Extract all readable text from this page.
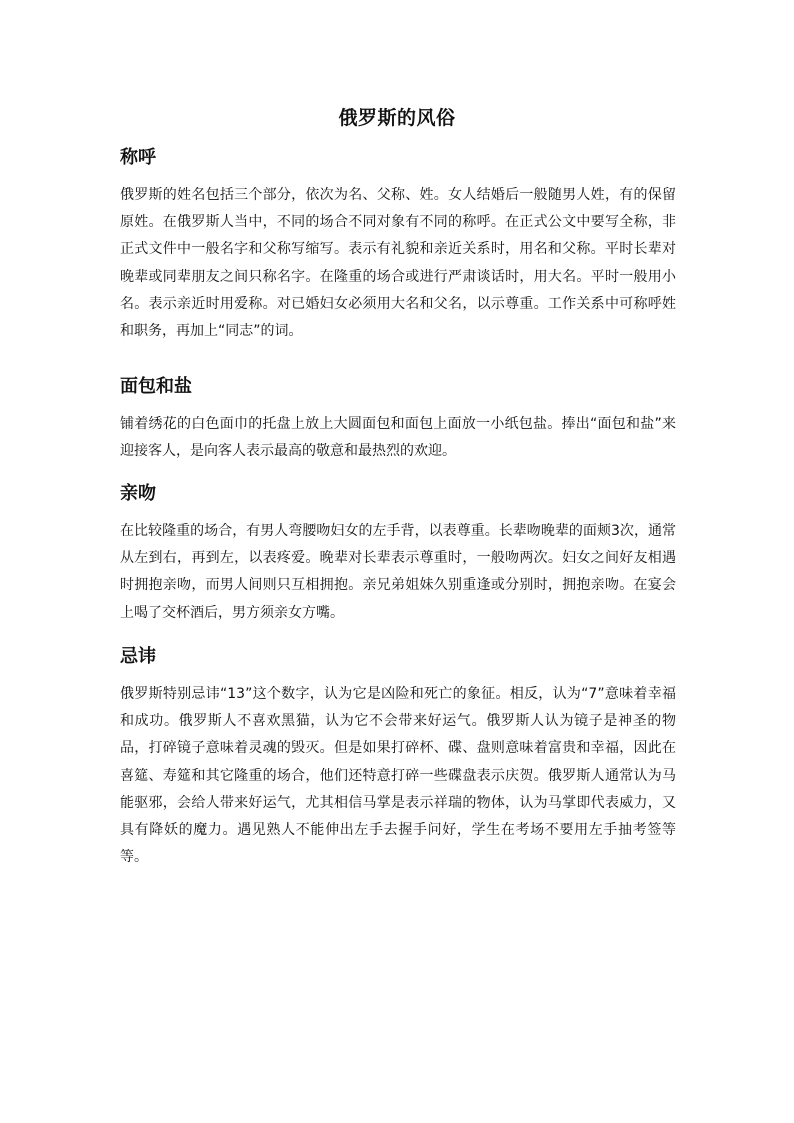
俄罗斯的风俗
称呼

俄罗斯的姓名包括三个部分，依次为名、父称、姓。女人结婚后一般随男人姓，有的保留原姓。在俄罗斯人当中，不同的场合不同对象有不同的称呼。在正式公文中要写全称，非正式文件中一般名字和父称写缩写。表示有礼貌和亲近关系时，用名和父称。平时长辈对晚辈或同辈朋友之间只称名字。在隆重的场合或进行严肃谈话时，用大名。平时一般用小名。表示亲近时用爱称。对已婚妇女必须用大名和父名，以示尊重。工作关系中可称呼姓和职务，再加上“同志”的词。

面包和盐

铺着绣花的白色面巾的托盘上放上大圆面包和面包上面放一小纸包盐。捧出“面包和盐”来迎接客人，是向客人表示最高的敬意和最热烈的欢迎。

亲吻

在比较隆重的场合，有男人弯腰吻妇女的左手背，以表尊重。长辈吻晚辈的面颊3次，通常从左到右，再到左，以表疼爱。晚辈对长辈表示尊重时，一般吻两次。妇女之间好友相遇时拥抱亲吻，而男人间则只互相拥抱。亲兄弟姐妹久别重逢或分别时，拥抱亲吻。在宴会上喝了交杯酒后，男方须亲女方嘴。

忌讳

俄罗斯特别忌讳“13”这个数字，认为它是凶险和死亡的象征。相反，认为“7”意味着幸福和成功。俄罗斯人不喜欢黑猫，认为它不会带来好运气。俄罗斯人认为镜子是神圣的物品，打碎镜子意味着灵魂的毁灭。但是如果打碎杯、碟、盘则意味着富贵和幸福，因此在喜筵、寿筵和其它隆重的场合，他们还特意打碎一些碟盘表示庆贺。俄罗斯人通常认为马能驱邪，会给人带来好运气，尤其相信马掌是表示祥瑞的物体，认为马掌即代表威力，又具有降妖的魔力。遇见熟人不能伸出左手去握手问好，学生在考场不要用左手抽考签等等。
